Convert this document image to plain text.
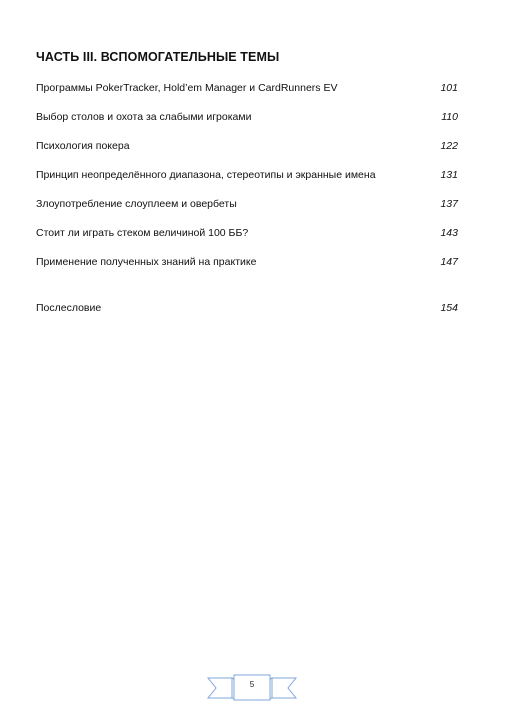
ЧАСТЬ III. ВСПОМОГАТЕЛЬНЫЕ ТЕМЫ
Программы PokerTracker, Hold’em Manager и CardRunners EV	101
Выбор столов и охота за слабыми игроками	110
Психология покера	122
Принцип неопределённого диапазона, стереотипы и экранные имена	131
Злоупотребление слоуплеем и овербеты	137
Стоит ли играть стеком величиной 100 ББ?	143
Применение полученных знаний на практике	147
Послесловие	154
5
